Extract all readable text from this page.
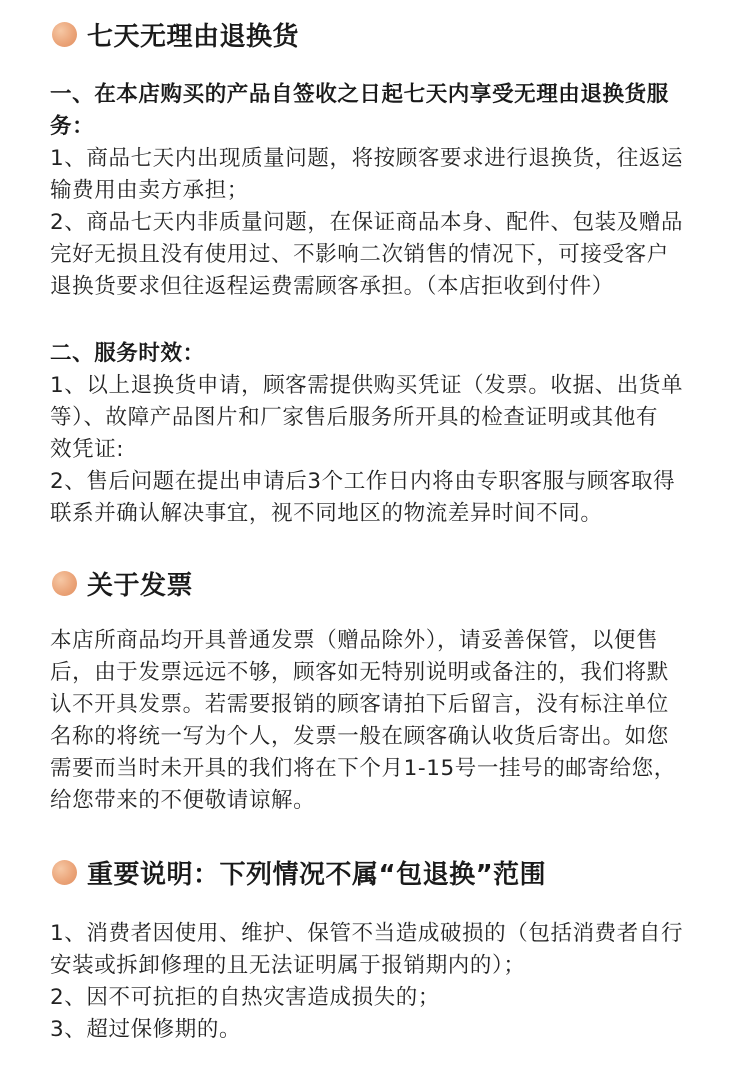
七天无理由退换货
一、在本店购买的产品自签收之日起七天内享受无理由退换货服
务：
1、商品七天内出现质量问题，将按顾客要求进行退换货，往返运
输费用由卖方承担；
2、商品七天内非质量问题，在保证商品本身、配件、包装及赠品
完好无损且没有使用过、不影响二次销售的情况下，可接受客户
退换货要求但往返程运费需顾客承担。（本店拒收到付件）
二、服务时效：
1、以上退换货申请，顾客需提供购买凭证（发票。收据、出货单
等）、故障产品图片和厂家售后服务所开具的检查证明或其他有
效凭证:
2、售后问题在提出申请后3个工作日内将由专职客服与顾客取得
联系并确认解决事宜，视不同地区的物流差异时间不同。
关于发票
本店所商品均开具普通发票（赠品除外），请妥善保管，以便售
后，由于发票远远不够，顾客如无特别说明或备注的，我们将默
认不开具发票。若需要报销的顾客请拍下后留言，没有标注单位
名称的将统一写为个人，发票一般在顾客确认收货后寄出。如您
需要而当时未开具的我们将在下个月1-15号一挂号的邮寄给您，
给您带来的不便敬请谅解。
重要说明：下列情况不属“包退换”范围
1、消费者因使用、维护、保管不当造成破损的（包括消费者自行
安装或拆卸修理的且无法证明属于报销期内的）；
2、因不可抗拒的自热灾害造成损失的；
3、超过保修期的。
